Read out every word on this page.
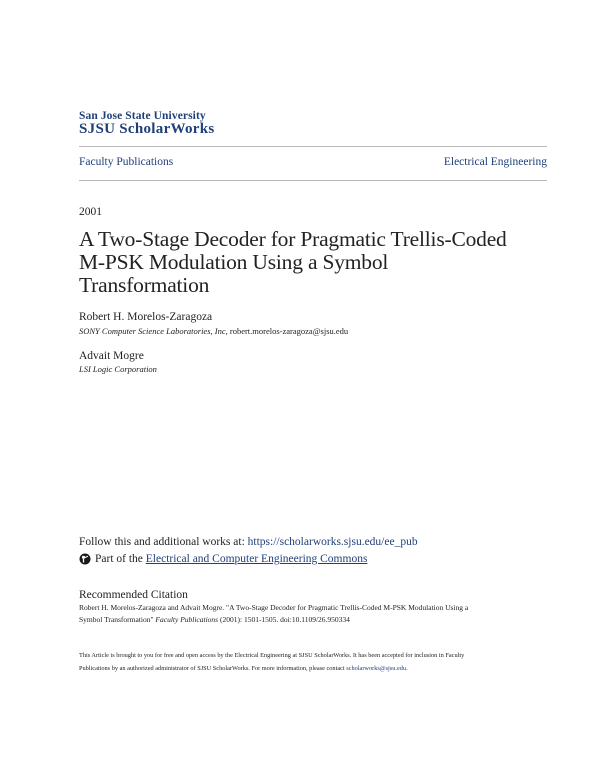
San Jose State University
SJSU ScholarWorks
Faculty Publications	Electrical Engineering
2001
A Two-Stage Decoder for Pragmatic Trellis-Coded
M-PSK Modulation Using a Symbol
Transformation
Robert H. Morelos-Zaragoza
SONY Computer Science Laboratories, Inc, robert.morelos-zaragoza@sjsu.edu
Advait Mogre
LSI Logic Corporation
Follow this and additional works at: https://scholarworks.sjsu.edu/ee_pub
Part of the
Electrical and Computer Engineering Commons
Recommended Citation
Robert H. Morelos-Zaragoza and Advait Mogre. "A Two-Stage Decoder for Pragmatic Trellis-Coded M-PSK Modulation Using a
Symbol Transformation" Faculty Publications (2001): 1501-1505. doi:10.1109/26.950334
This Article is brought to you for free and open access by the Electrical Engineering at SJSU ScholarWorks. It has been accepted for inclusion in Faculty
Publications by an authorized administrator of SJSU ScholarWorks. For more information, please contact scholarworks@sjsu.edu.
